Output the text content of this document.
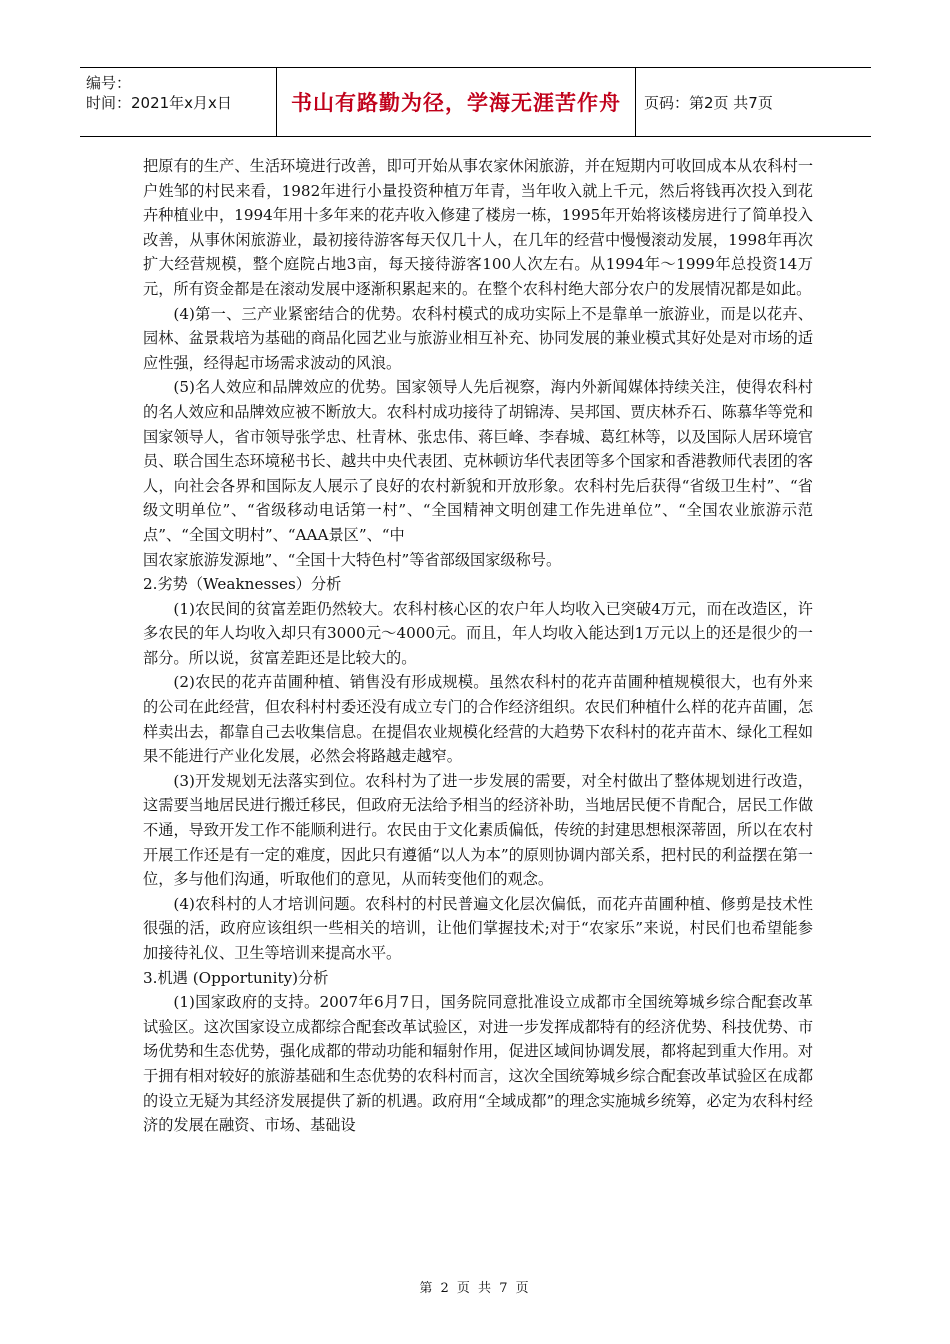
编号：
时间：2021年x月x日	书山有路勤为径，学海无涯苦作舟	页码：第2页 共7页

把原有的生产、生活环境进行改善，即可开始从事农家休闲旅游，并在短期内可收回成本从农科村一户姓邹的村民来看，1982年进行小量投资种植万年青，当年收入就上千元，然后将钱再次投入到花卉种植业中，1994年用十多年来的花卉收入修建了楼房一栋，1995年开始将该楼房进行了简单投入改善，从事休闲旅游业，最初接待游客每天仅几十人，在几年的经营中慢慢滚动发展，1998年再次扩大经营规模，整个庭院占地3亩，每天接待游客100人次左右。从1994年～1999年总投资14万元，所有资金都是在滚动发展中逐渐积累起来的。在整个农科村绝大部分农户的发展情况都是如此。

(4)第一、三产业紧密结合的优势。农科村模式的成功实际上不是靠单一旅游业，而是以花卉、园林、盆景栽培为基础的商品化园艺业与旅游业相互补充、协同发展的兼业模式其好处是对市场的适应性强，经得起市场需求波动的风浪。

(5)名人效应和品牌效应的优势。国家领导人先后视察，海内外新闻媒体持续关注，使得农科村的名人效应和品牌效应被不断放大。农科村成功接待了胡锦涛、吴邦国、贾庆林乔石、陈慕华等党和国家领导人，省市领导张学忠、杜青林、张忠伟、蒋巨峰、李春城、葛红林等，以及国际人居环境官员、联合国生态环境秘书长、越共中央代表团、克林顿访华代表团等多个国家和香港教师代表团的客人，向社会各界和国际友人展示了良好的农村新貌和开放形象。农科村先后获得“省级卫生村”、“省级文明单位”、“省级移动电话第一村”、“全国精神文明创建工作先进单位”、“全国农业旅游示范点”、“全国文明村”、“AAA景区”、“中

国农家旅游发源地”、“全国十大特色村”等省部级国家级称号。

2.劣势（Weaknesses）分析

(1)农民间的贫富差距仍然较大。农科村核心区的农户年人均收入已突破4万元，而在改造区，许多农民的年人均收入却只有3000元～4000元。而且，年人均收入能达到1万元以上的还是很少的一部分。所以说，贫富差距还是比较大的。

(2)农民的花卉苗圃种植、销售没有形成规模。虽然农科村的花卉苗圃种植规模很大，也有外来的公司在此经营，但农科村村委还没有成立专门的合作经济组织。农民们种植什么样的花卉苗圃，怎样卖出去，都靠自己去收集信息。在提倡农业规模化经营的大趋势下农科村的花卉苗木、绿化工程如果不能进行产业化发展，必然会将路越走越窄。

(3)开发规划无法落实到位。农科村为了进一步发展的需要，对全村做出了整体规划进行改造，这需要当地居民进行搬迁移民，但政府无法给予相当的经济补助，当地居民便不肯配合，居民工作做不通，导致开发工作不能顺利进行。农民由于文化素质偏低，传统的封建思想根深蒂固，所以在农村开展工作还是有一定的难度，因此只有遵循“以人为本”的原则协调内部关系，把村民的利益摆在第一位，多与他们沟通，听取他们的意见，从而转变他们的观念。

(4)农科村的人才培训问题。农科村的村民普遍文化层次偏低，而花卉苗圃种植、修剪是技术性很强的活，政府应该组织一些相关的培训，让他们掌握技术;对于“农家乐”来说，村民们也希望能参加接待礼仪、卫生等培训来提高水平。

3.机遇 (Opportunity)分析

(1)国家政府的支持。2007年6月7日，国务院同意批准设立成都市全国统筹城乡综合配套改革试验区。这次国家设立成都综合配套改革试验区，对进一步发挥成都特有的经济优势、科技优势、市场优势和生态优势，强化成都的带动功能和辐射作用，促进区域间协调发展，都将起到重大作用。对于拥有相对较好的旅游基础和生态优势的农科村而言，这次全国统筹城乡综合配套改革试验区在成都的设立无疑为其经济发展提供了新的机遇。政府用“全域成都”的理念实施城乡统筹，必定为农科村经济的发展在融资、市场、基础设

第 2 页 共 7 页
